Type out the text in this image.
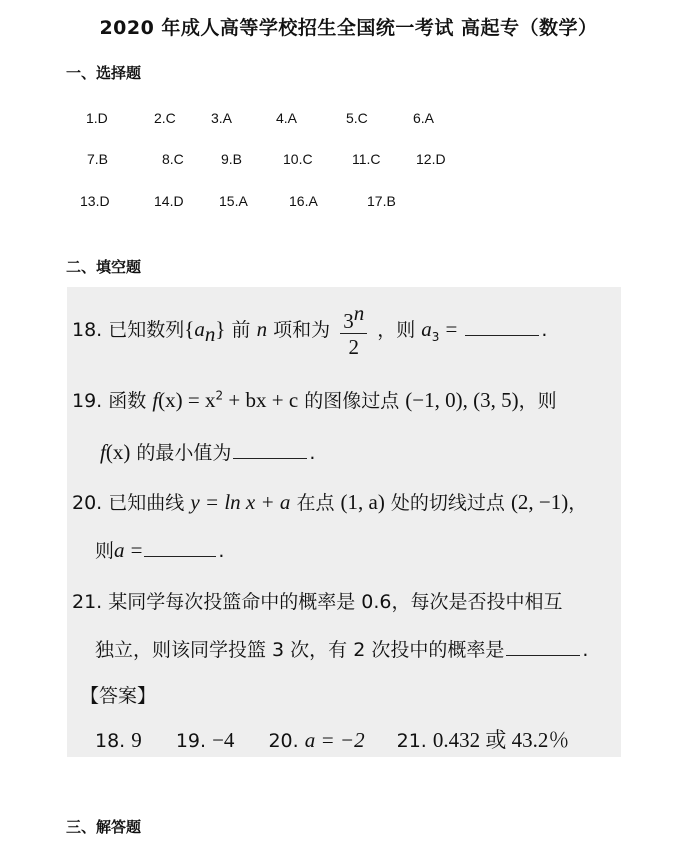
2020 年成人高等学校招生全国统一考试 高起专（数学）
一、选择题
1.D	2.C	3.A	4.A	5.C	6.A
7.B	8.C	9.B	10.C	11.C	12.D
13.D	14.D	15.A	16.A	17.B
二、填空题
18. 已知数列$\{a_n\}$ 前 n 项和为 $\frac{3^n}{2}$ ，则 $a_3$ =	.
19. 函数 $f(x) = x^2$ + bx + c 的图像过点 (−1, 0), (3, 5)，则
f(x) 的最小值为	.
20. 已知曲线 y = ln x + a 在点 (1, a) 处的切线过点 (2, −1)，
则a =	.
21. 某同学每次投篮命中的概率是 0.6，每次是否投中相互
独立，则该同学投篮 3 次，有 2 次投中的概率是	.
【答案】
18. 9 19. −4 20. a = −2 21. 0.432 或 43.2％
三、解答题
